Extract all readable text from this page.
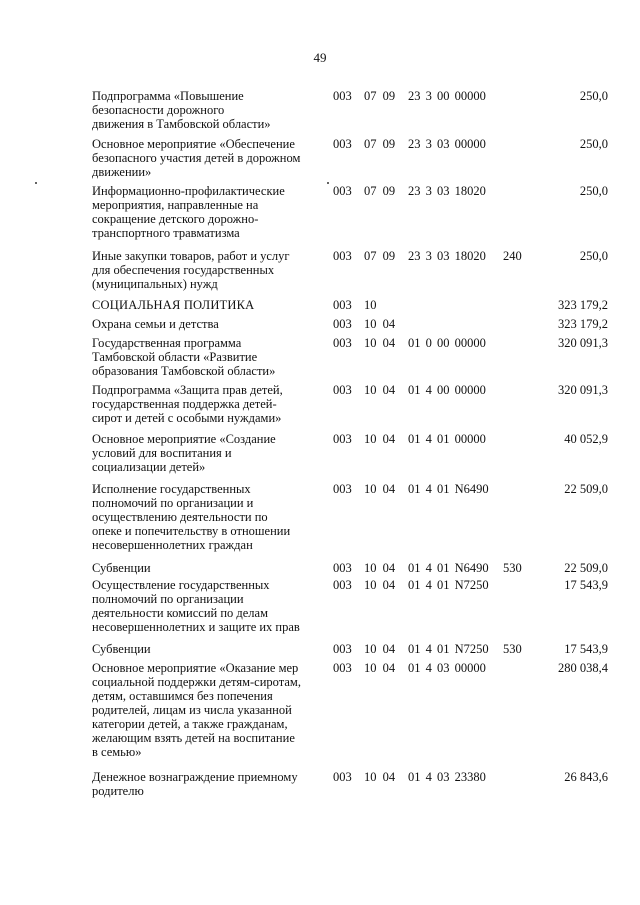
49
Подпрограмма «Повышение
безопасности дорожного
движения в Тамбовской области»
003 07 09	23 3 00 00000	250,0
Основное мероприятие «Обеспечение
безопасного участия детей в дорожном
движении»
003 07 09	23 3 03 00000	250,0
Информационно-профилактические
мероприятия, направленные на
сокращение детского дорожно-
транспортного травматизма
003 07 09	23 3 03 18020	250,0
Иные закупки товаров, работ и услуг
для обеспечения государственных
(муниципальных) нужд
003 07 09	23 3 03 18020	240	250,0
СОЦИАЛЬНАЯ ПОЛИТИКА	003 10	323 179,2
Охрана семьи и детства	003 10 04	323 179,2
Государственная программа
Тамбовской области «Развитие
образования Тамбовской области»
003 10 04	01 0 00 00000	320 091,3
Подпрограмма «Защита прав детей,
государственная поддержка детей-
сирот и детей с особыми нуждами»
003 10 04	01 4 00 00000	320 091,3
Основное мероприятие «Создание
условий для воспитания и
социализации детей»
003 10 04	01 4 01 00000	40 052,9
Исполнение государственных
полномочий по организации и
осуществлению деятельности по
опеке и попечительству в отношении
несовершеннолетних граждан
003 10 04	01 4 01 N6490	22 509,0
Субвенции	003 10 04	01 4 01 N6490	530	22 509,0
Осуществление государственных
полномочий по организации
деятельности комиссий по делам
несовершеннолетних и защите их прав
003 10 04	01 4 01 N7250	17 543,9
Субвенции	003 10 04	01 4 01 N7250	530	17 543,9
Основное мероприятие «Оказание мер
социальной поддержки детям-сиротам,
детям, оставшимся без попечения
родителей, лицам из числа указанной
категории детей, а также гражданам,
желающим взять детей на воспитание
в семью»
003 10 04	01 4 03 00000	280 038,4
Денежное вознаграждение приемному
родителю
003 10 04	01 4 03 23380	26 843,6
